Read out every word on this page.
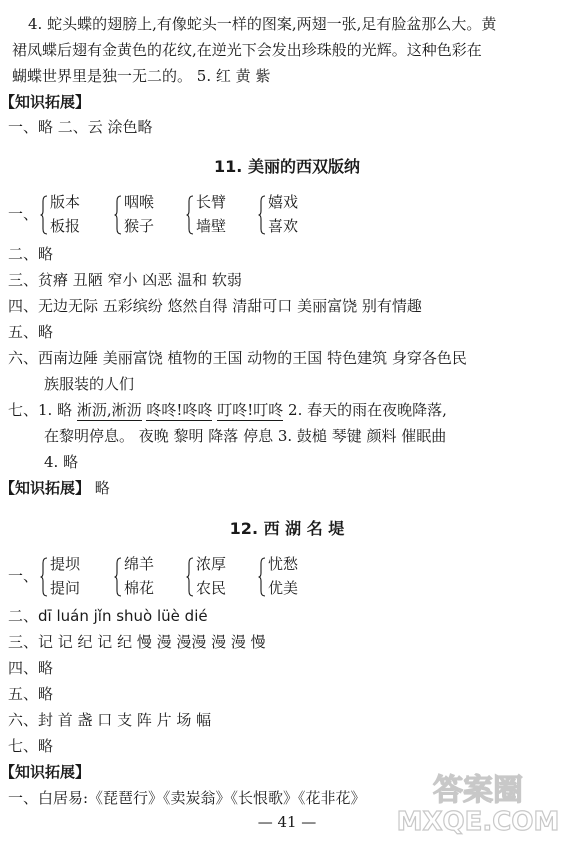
4. 蛇头蝶的翅膀上,有像蛇头一样的图案,两翅一张,足有脸盆那么大。黄
裙凤蝶后翅有金黄色的花纹,在逆光下会发出珍珠般的光辉。这种色彩在
蝴蝶世界里是独一无二的。 5. 红 黄 紫
【知识拓展】
一、略 二、云 涂色略
11. 美丽的西双版纳
一、
版本
板报
咽喉
猴子
长臂
墙壁
嬉戏
喜欢
二、略
三、贫瘠 丑陋 窄小 凶恶 温和 软弱
四、无边无际 五彩缤纷 悠然自得 清甜可口 美丽富饶 别有情趣
五、略
六、西南边陲 美丽富饶 植物的王国 动物的王国 特色建筑 身穿各色民
族服装的人们
七、1. 略 淅沥,淅沥 咚咚!咚咚 叮咚!叮咚 2. 春天的雨在夜晚降落,
在黎明停息。 夜晚 黎明 降落 停息 3. 鼓槌 琴键 颜料 催眠曲
4. 略
【知识拓展】 略
12. 西 湖 名 堤
一、
提坝
提问
绵羊
棉花
浓厚
农民
忧愁
优美
二、dī luán jǐn shuò lüè dié
三、记 记 纪 记 纪 慢 漫 漫漫 漫 漫 慢
四、略
五、略
六、封 首 盏 口 支 阵 片 场 幅
七、略
【知识拓展】
一、白居易:《琵琶行》《卖炭翁》《长恨歌》《花非花》
— 41 —
答案圈
MXQE.COM
